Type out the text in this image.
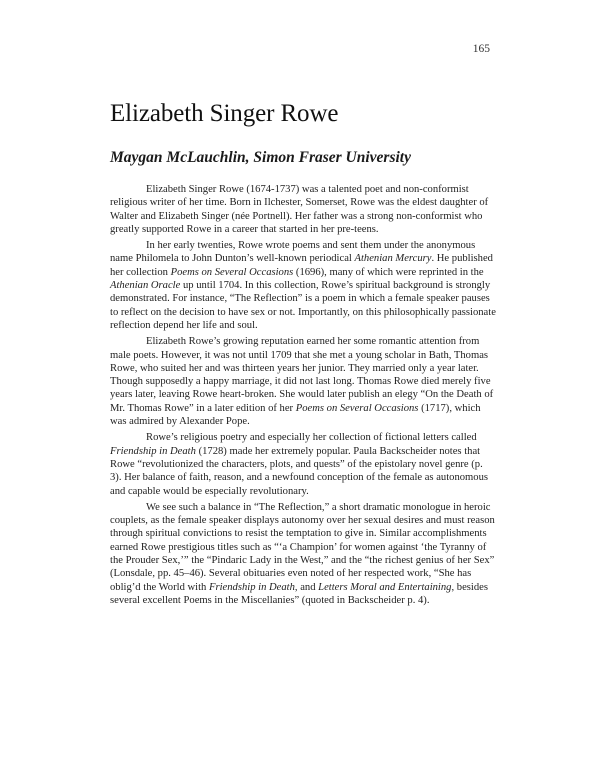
165
Elizabeth Singer Rowe
Maygan McLauchlin, Simon Fraser University

Elizabeth Singer Rowe (1674-1737) was a talented poet and non-conformist religious writer of her time. Born in Ilchester, Somerset, Rowe was the eldest daughter of Walter and Elizabeth Singer (née Portnell). Her father was a strong non-conformist who greatly supported Rowe in a career that started in her pre-teens.

In her early twenties, Rowe wrote poems and sent them under the anonymous name Philomela to John Dunton’s well-known periodical Athenian Mercury. He published her collection Poems on Several Occasions (1696), many of which were reprinted in the Athenian Oracle up until 1704. In this collection, Rowe’s spiritual background is strongly demonstrated. For instance, “The Reflection” is a poem in which a female speaker pauses to reflect on the decision to have sex or not. Importantly, on this philosophically passionate reflection depend her life and soul.

Elizabeth Rowe’s growing reputation earned her some romantic attention from male poets. However, it was not until 1709 that she met a young scholar in Bath, Thomas Rowe, who suited her and was thirteen years her junior. They married only a year later. Though supposedly a happy marriage, it did not last long. Thomas Rowe died merely five years later, leaving Rowe heart-broken. She would later publish an elegy “On the Death of Mr. Thomas Rowe” in a later edition of her Poems on Several Occasions (1717), which was admired by Alexander Pope.

Rowe’s religious poetry and especially her collection of fictional letters called Friendship in Death (1728) made her extremely popular. Paula Backscheider notes that Rowe “revolutionized the characters, plots, and quests” of the epistolary novel genre (p. 3). Her balance of faith, reason, and a newfound conception of the female as autonomous and capable would be especially revolutionary.

We see such a balance in “The Reflection,” a short dramatic monologue in heroic couplets, as the female speaker displays autonomy over her sexual desires and must reason through spiritual convictions to resist the temptation to give in. Similar accomplishments earned Rowe prestigious titles such as “‘a Champion’ for women against ‘the Tyranny of the Prouder Sex,’” the “Pindaric Lady in the West,” and the “the richest genius of her Sex” (Lonsdale, pp. 45–46). Several obituaries even noted of her respected work, “She has oblig’d the World with Friendship in Death, and Letters Moral and Entertaining, besides several excellent Poems in the Miscellanies” (quoted in Backscheider p. 4).
